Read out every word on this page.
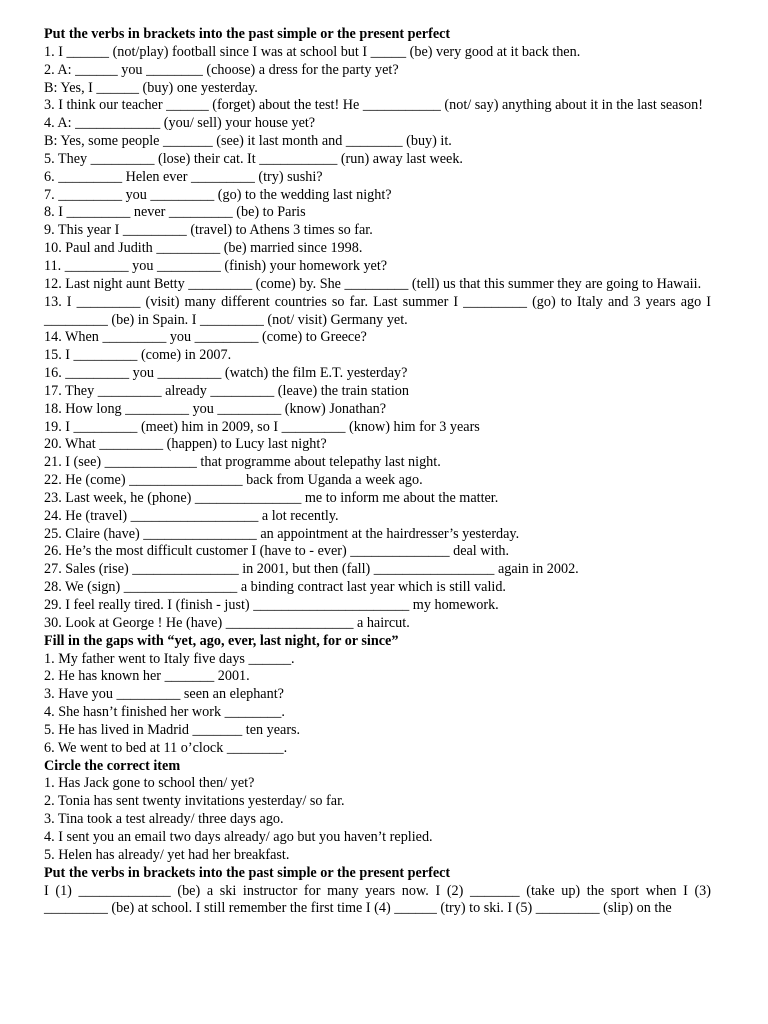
Put the verbs in brackets into the past simple or the present perfect
1. I ______ (not/play) football since I was at school but I _____ (be) very good at it back then.
2. A: ______ you ________ (choose) a dress for the party yet?
B: Yes, I ______ (buy) one yesterday.
3. I think our teacher ______ (forget) about the test! He ___________ (not/ say) anything about it in the last season!
4. A: ____________ (you/ sell) your house yet?
B: Yes, some people _______ (see) it last month and ________ (buy) it.
5. They _________ (lose) their cat. It ___________ (run) away last week.
6. _________ Helen ever _________ (try) sushi?
7. _________ you _________ (go) to the wedding last night?
8. I _________ never _________ (be) to Paris
9. This year I _________ (travel) to Athens 3 times so far.
10. Paul and Judith _________ (be) married since 1998.
11. _________ you _________ (finish) your homework yet?
12. Last night aunt Betty _________ (come) by. She _________ (tell) us that this summer they are going to Hawaii.
13. I _________ (visit) many different countries so far. Last summer I _________ (go) to Italy and 3 years ago I _________ (be) in Spain. I _________ (not/ visit) Germany yet.
14. When _________ you _________ (come) to Greece?
15. I _________ (come) in 2007.
16. _________ you _________ (watch) the film E.T. yesterday?
17. They _________ already _________ (leave) the train station
18. How long _________ you _________ (know) Jonathan?
19. I _________ (meet) him in 2009, so I _________ (know) him for 3 years
20. What _________ (happen) to Lucy last night?
21. I (see) _____________ that programme about telepathy last night.
22. He (come) ________________ back from Uganda a week ago.
23. Last week, he (phone) _______________ me to inform me about the matter.
24. He (travel) __________________ a lot recently.
25. Claire (have) ________________ an appointment at the hairdresser’s yesterday.
26. He’s the most difficult customer I (have to - ever) ______________ deal with.
27. Sales (rise) _______________ in 2001, but then (fall) _________________ again in 2002.
28. We (sign) ________________ a binding contract last year which is still valid.
29. I feel really tired. I (finish - just) ______________________ my homework.
30. Look at George ! He (have) __________________ a haircut.
Fill in the gaps with “yet, ago, ever, last night, for or since”
1. My father went to Italy five days ______.
2. He has known her _______ 2001.
3. Have you _________ seen an elephant?
4. She hasn’t finished her work ________.
5. He has lived in Madrid _______ ten years.
6. We went to bed at 11 o’clock ________.
Circle the correct item
1. Has Jack gone to school then/ yet?
2. Tonia has sent twenty invitations yesterday/ so far.
3. Tina took a test already/ three days ago.
4. I sent you an email two days already/ ago but you haven’t replied.
5. Helen has already/ yet had her breakfast.
Put the verbs in brackets into the past simple or the present perfect
I (1) _____________ (be) a ski instructor for many years now. I (2) _______ (take up) the sport when I (3) _________ (be) at school. I still remember the first time I (4) ______ (try) to ski. I (5) _________ (slip) on the
